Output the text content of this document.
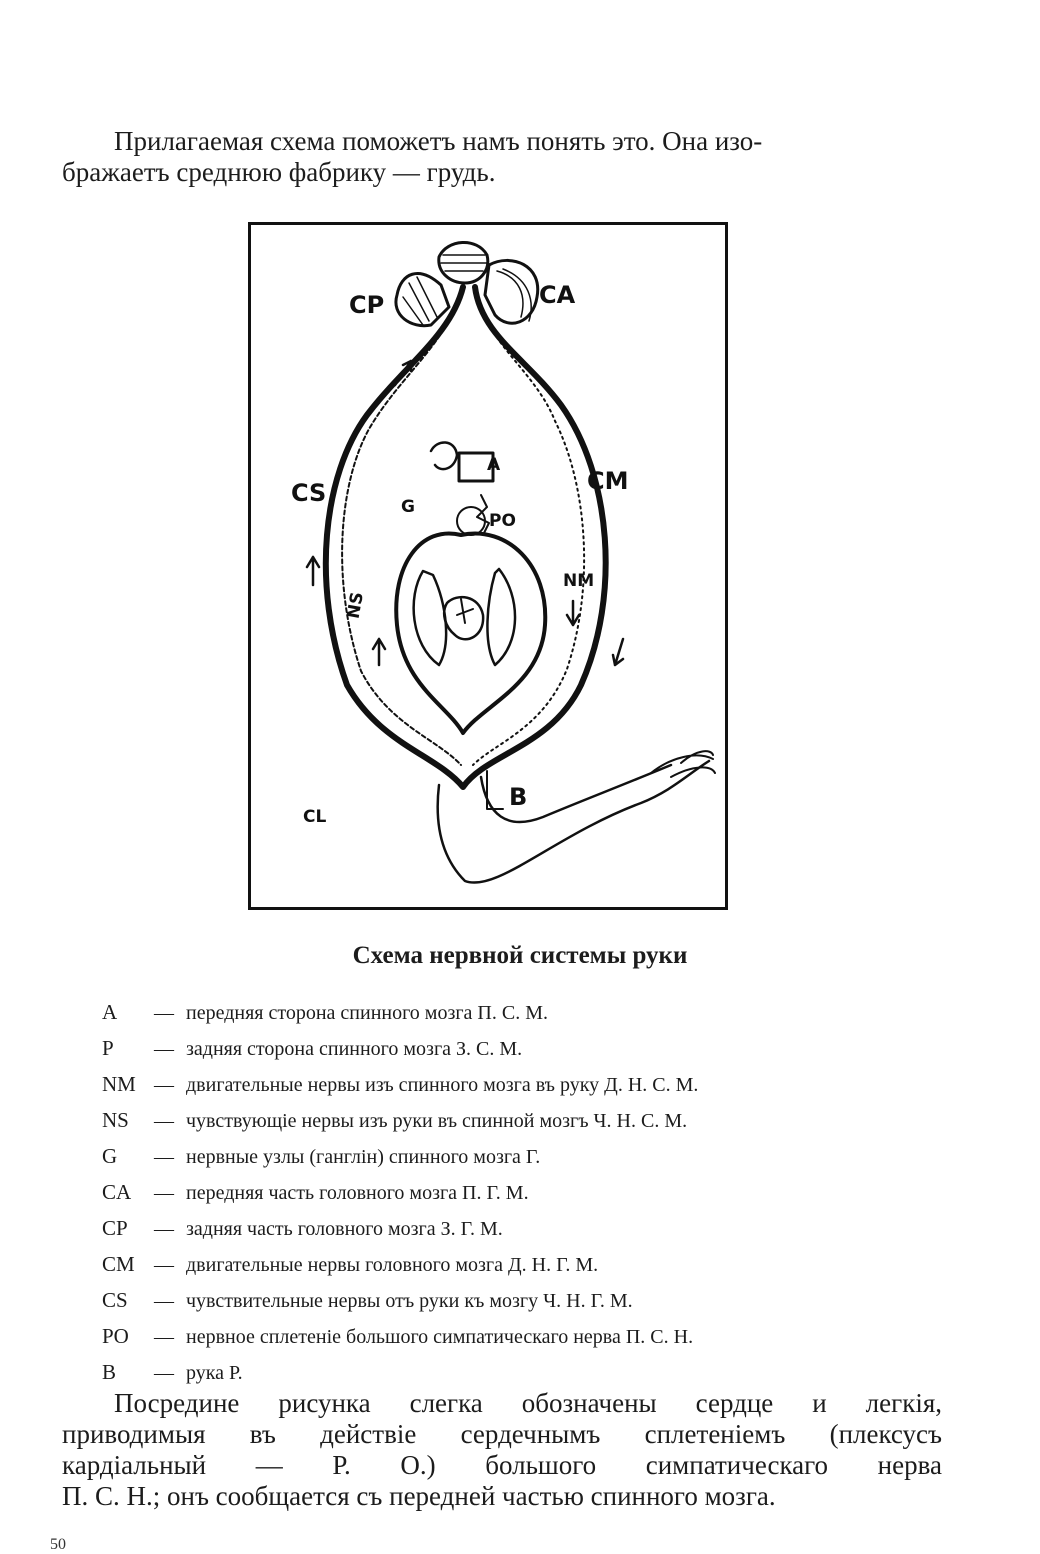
Прилагаемая схема поможетъ намъ понять это. Она изо-
бражаетъ среднюю фабрику — грудь.

CP	CA
CS	CM
G
A
PO
NM
NS
B
CL
Схема нервной системы руки
A — передняя сторона спинного мозга П. С. М.
P — задняя сторона спинного мозга З. С. М.
NM — двигательные нервы изъ спинного мозга въ руку Д. Н. С. М.
NS — чувствующіе нервы изъ руки въ спинной мозгъ Ч. Н. С. М.
G — нервные узлы (ганглін) спинного мозга Г.
CA — передняя часть головного мозга П. Г. М.
CP — задняя часть головного мозга З. Г. М.
CM — двигательные нервы головного мозга Д. Н. Г. М.
CS — чувствительные нервы отъ руки къ мозгу Ч. Н. Г. М.
PO — нервное сплетеніе большого симпатическаго нерва П. С. Н.
B — рука Р.

Посредине рисунка слегка обозначены сердце и легкія,
приводимыя въ действіе сердечнымъ сплетеніемъ (плексусъ
кардіальный — Р. О.) большого симпатическаго нерва
П. С. Н.; онъ сообщается съ передней частью спинного мозга.

50
